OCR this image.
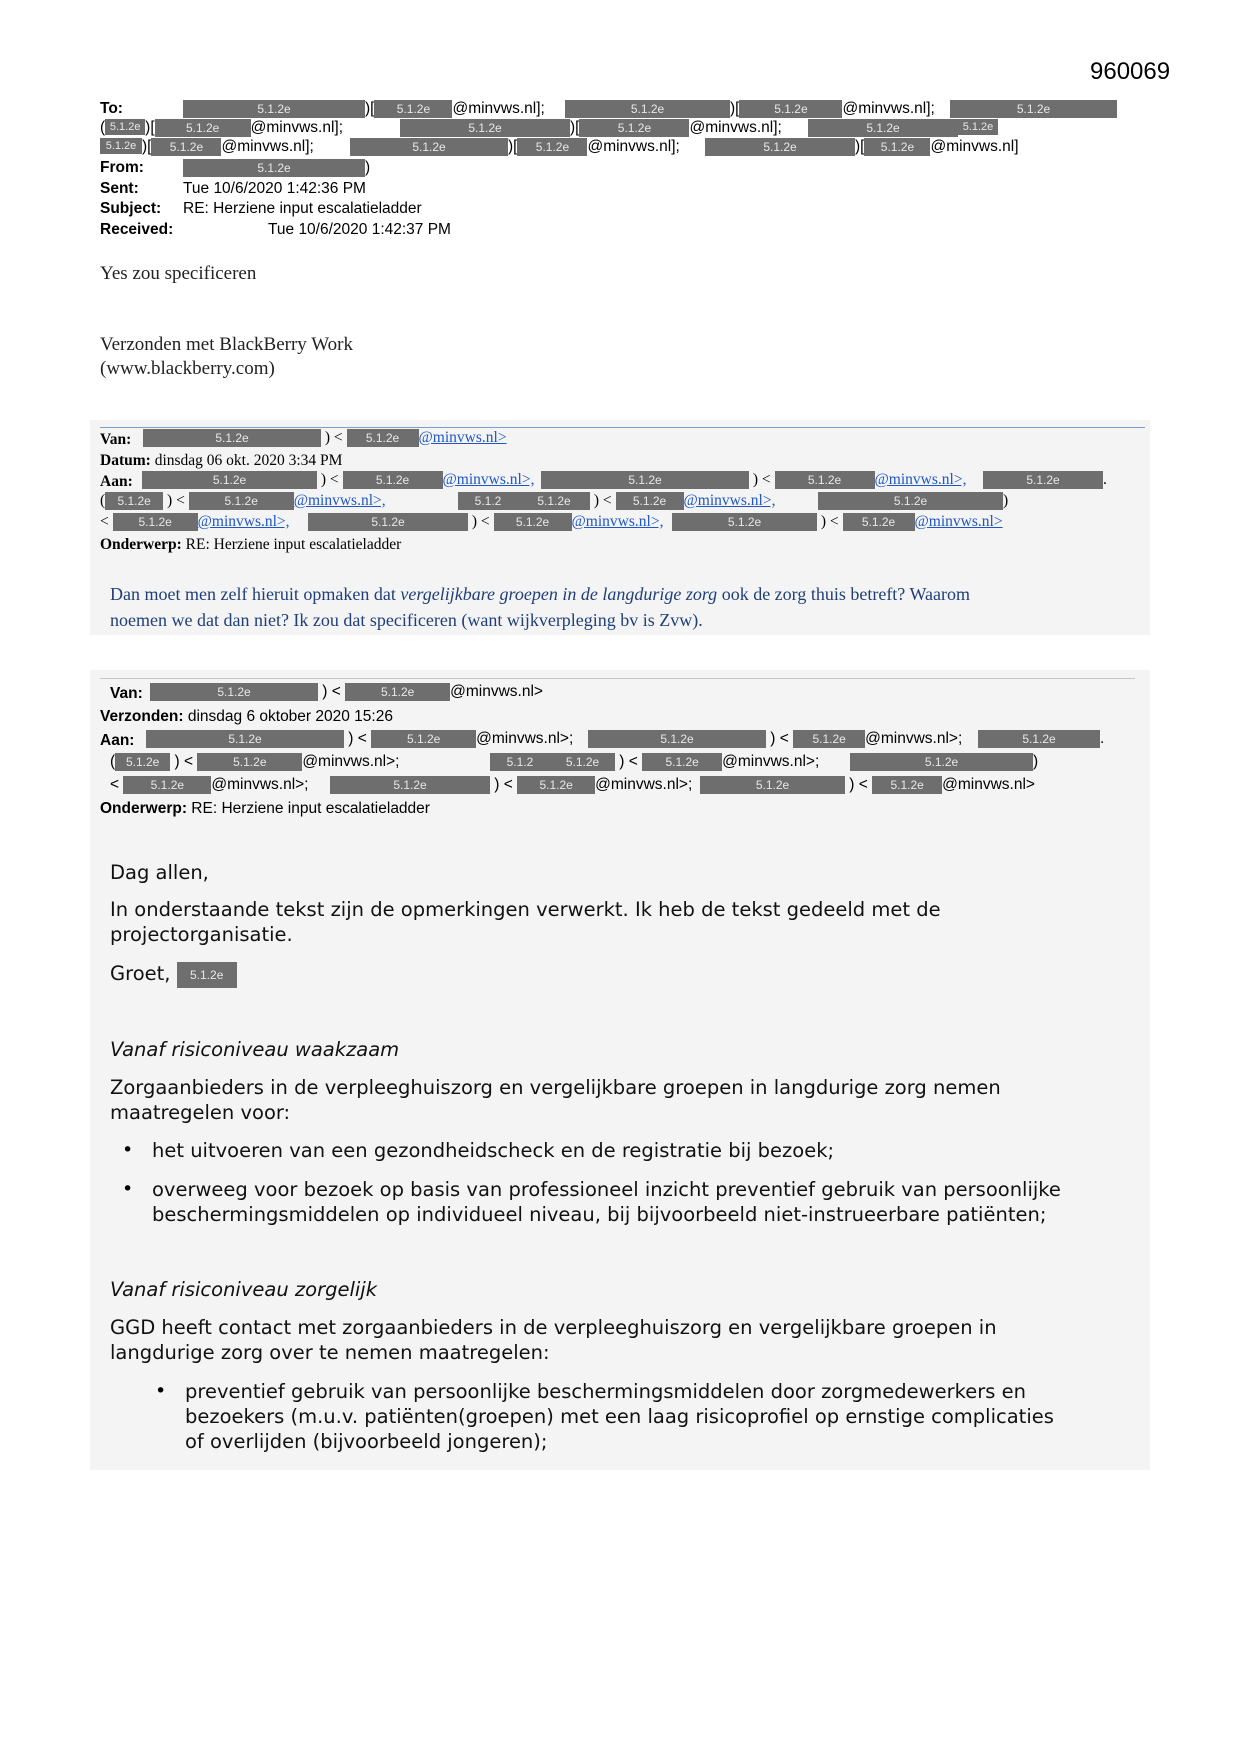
960069
To:	5.1.2e	)[ 5.1.2e @minvws.nl];	5.1.2e	)[	5.1.2e @minvws.nl];	5.1.2e
( 5.1.2e )[	5.1.2e @minvws.nl];	5.1.2e	)[	5.1.2e @minvws.nl];	5.1.2e	5.1.2e
5.1.2e )[ 5.1.2e @minvws.nl];	5.1.2e	)[ 5.1.2e @minvws.nl];	5.1.2e	)[ 5.1.2e @minvws.nl]
From:	5.1.2e	)
Sent:	Tue 10/6/2020 1:42:36 PM
Subject: RE: Herziene input escalatieladder
Received:	Tue 10/6/2020 1:42:37 PM
Yes zou specificeren
Verzonden met BlackBerry Work
(www.blackberry.com)
Van:	5.1.2e	) < 5.1.2e @minvws.nl>
Datum: dinsdag 06 okt. 2020 3:34 PM
Aan:	5.1.2e	) <	5.1.2e @minvws.nl>,	5.1.2e	) <	5.1.2e @minvws.nl>,	5.1.2e	.
( 5.1.2e ) <	5.1.2e @minvws.nl>,	5.1.2	5.1.2e ) < 5.1.2e @minvws.nl>,	5.1.2e	)
< 5.1.2e @minvws.nl>,	5.1.2e	) < 5.1.2e @minvws.nl>,	5.1.2e	) < 5.1.2e @minvws.nl>
Onderwerp: RE: Herziene input escalatieladder
Dan moet men zelf hieruit opmaken dat vergelijkbare groepen in de langdurige zorg ook de zorg thuis betreft? Waarom
noemen we dat dan niet? Ik zou dat specificeren (want wijkverpleging bv is Zvw).
Van:	5.1.2e	) <	5.1.2e @minvws.nl>
Verzonden: dinsdag 6 oktober 2020 15:26
Aan:	5.1.2e	) <	5.1.2e @minvws.nl>;	5.1.2e	) < 5.1.2e @minvws.nl>;	5.1.2e	.
( 5.1.2e ) <	5.1.2e @minvws.nl>;	5.1.2	5.1.2e ) < 5.1.2e @minvws.nl>;	5.1.2e	)
< 5.1.2e @minvws.nl>;	5.1.2e	) < 5.1.2e @minvws.nl>;	5.1.2e	) < 5.1.2e @minvws.nl>
Onderwerp: RE: Herziene input escalatieladder
Dag allen,
In onderstaande tekst zijn de opmerkingen verwerkt. Ik heb de tekst gedeeld met de
projectorganisatie.
Groet, 5.1.2e
Vanaf risiconiveau waakzaam
Zorgaanbieders in de verpleeghuiszorg en vergelijkbare groepen in langdurige zorg nemen
maatregelen voor:
• het uitvoeren van een gezondheidscheck en de registratie bij bezoek;
• overweeg voor bezoek op basis van professioneel inzicht preventief gebruik van persoonlijke
beschermingsmiddelen op individueel niveau, bij bijvoorbeeld niet-instrueerbare patiënten;
Vanaf risiconiveau zorgelijk
GGD heeft contact met zorgaanbieders in de verpleeghuiszorg en vergelijkbare groepen in
langdurige zorg over te nemen maatregelen:
• preventief gebruik van persoonlijke beschermingsmiddelen door zorgmedewerkers en
bezoekers (m.u.v. patiënten(groepen) met een laag risicoprofiel op ernstige complicaties
of overlijden (bijvoorbeeld jongeren);
